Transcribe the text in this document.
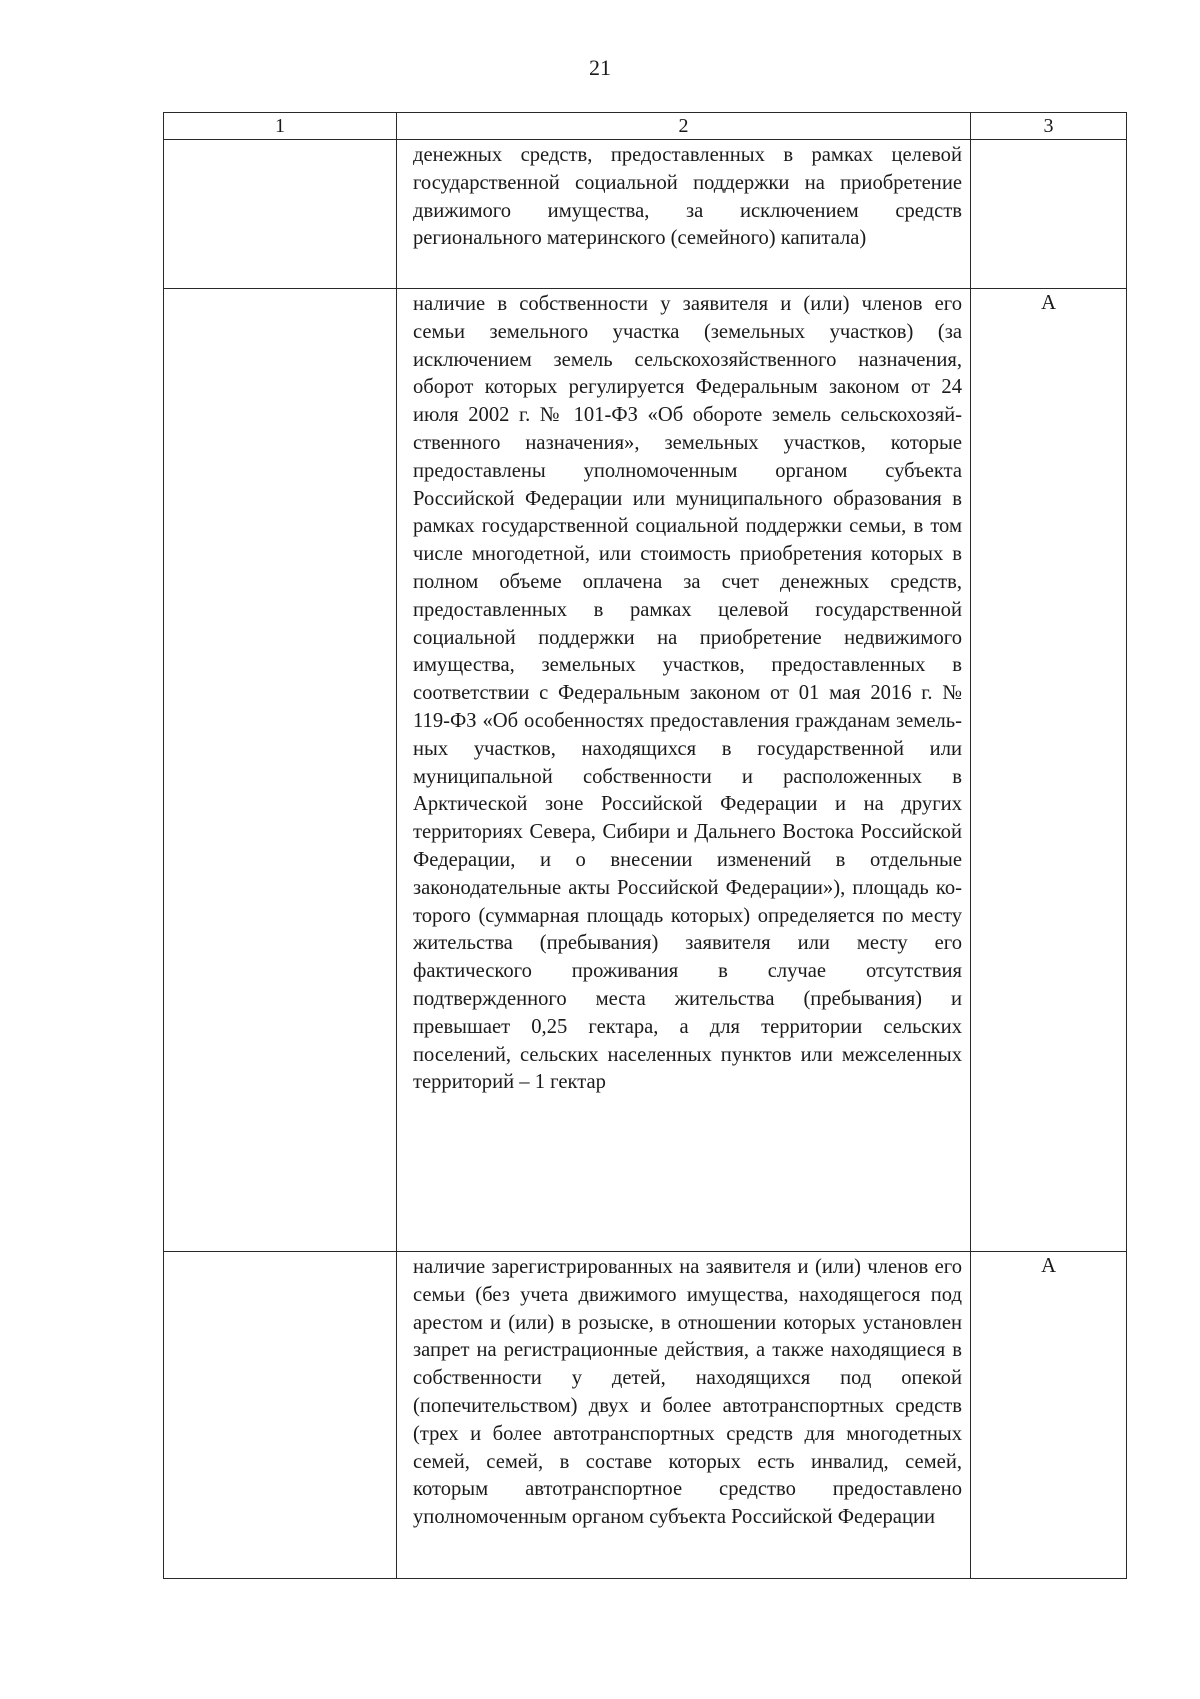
21
1	2	3

	денежных средств, предоставленных в рамках целевой государственной социальной поддержки на приобретение движимого имущества, за исключением средств регионального материнского (семейного) капитала)	

	наличие в собственности у заявителя и (или) членов его семьи земельного участка (земельных участков) (за исключением земель сельскохозяйственного назначения, оборот которых регулируется Федеральным законом от 24 июля 2002 г. № 101-ФЗ «Об обороте земель сельскохозяйственного назначения», земельных участков, которые предоставлены уполномоченным органом субъекта Российской Федерации или муниципального образования в рамках государственной социальной поддержки семьи, в том числе многодетной, или стоимость приобретения которых в полном объеме оплачена за счет денежных средств, предоставленных в рамках целевой государственной социальной поддержки на приобретение недвижимого имущества, земельных участков, предоставленных в соответствии с Федеральным законом от 01 мая 2016 г. № 119-ФЗ «Об особенностях предоставления гражданам земельных участков, находящихся в государственной или муниципальной собственности и расположенных в Арктической зоне Российской Федерации и на других территориях Севера, Сибири и Дальнего Востока Российской Федерации, и о внесении изменений в отдельные законодательные акты Российской Федерации»), площадь которого (суммарная площадь которых) определяется по месту жительства (пребывания) заявителя или месту его фактического проживания в случае отсутствия подтвержденного места жительства (пребывания) и превышает 0,25 гектара, а для территории сельских поселений, сельских населенных пунктов или межселенных территорий – 1 гектар	А

	наличие зарегистрированных на заявителя и (или) членов его семьи (без учета движимого имущества, находящегося под арестом и (или) в розыске, в отношении которых установлен запрет на регистрационные действия, а также находящиеся в собственности у детей, находящихся под опекой (попечительством) двух и более автотранспортных средств (трех и более автотранспортных средств для многодетных семей, семей, в составе которых есть инвалид, семей, которым автотранспортное средство предоставлено уполномоченным органом субъекта Российской Федерации	А
